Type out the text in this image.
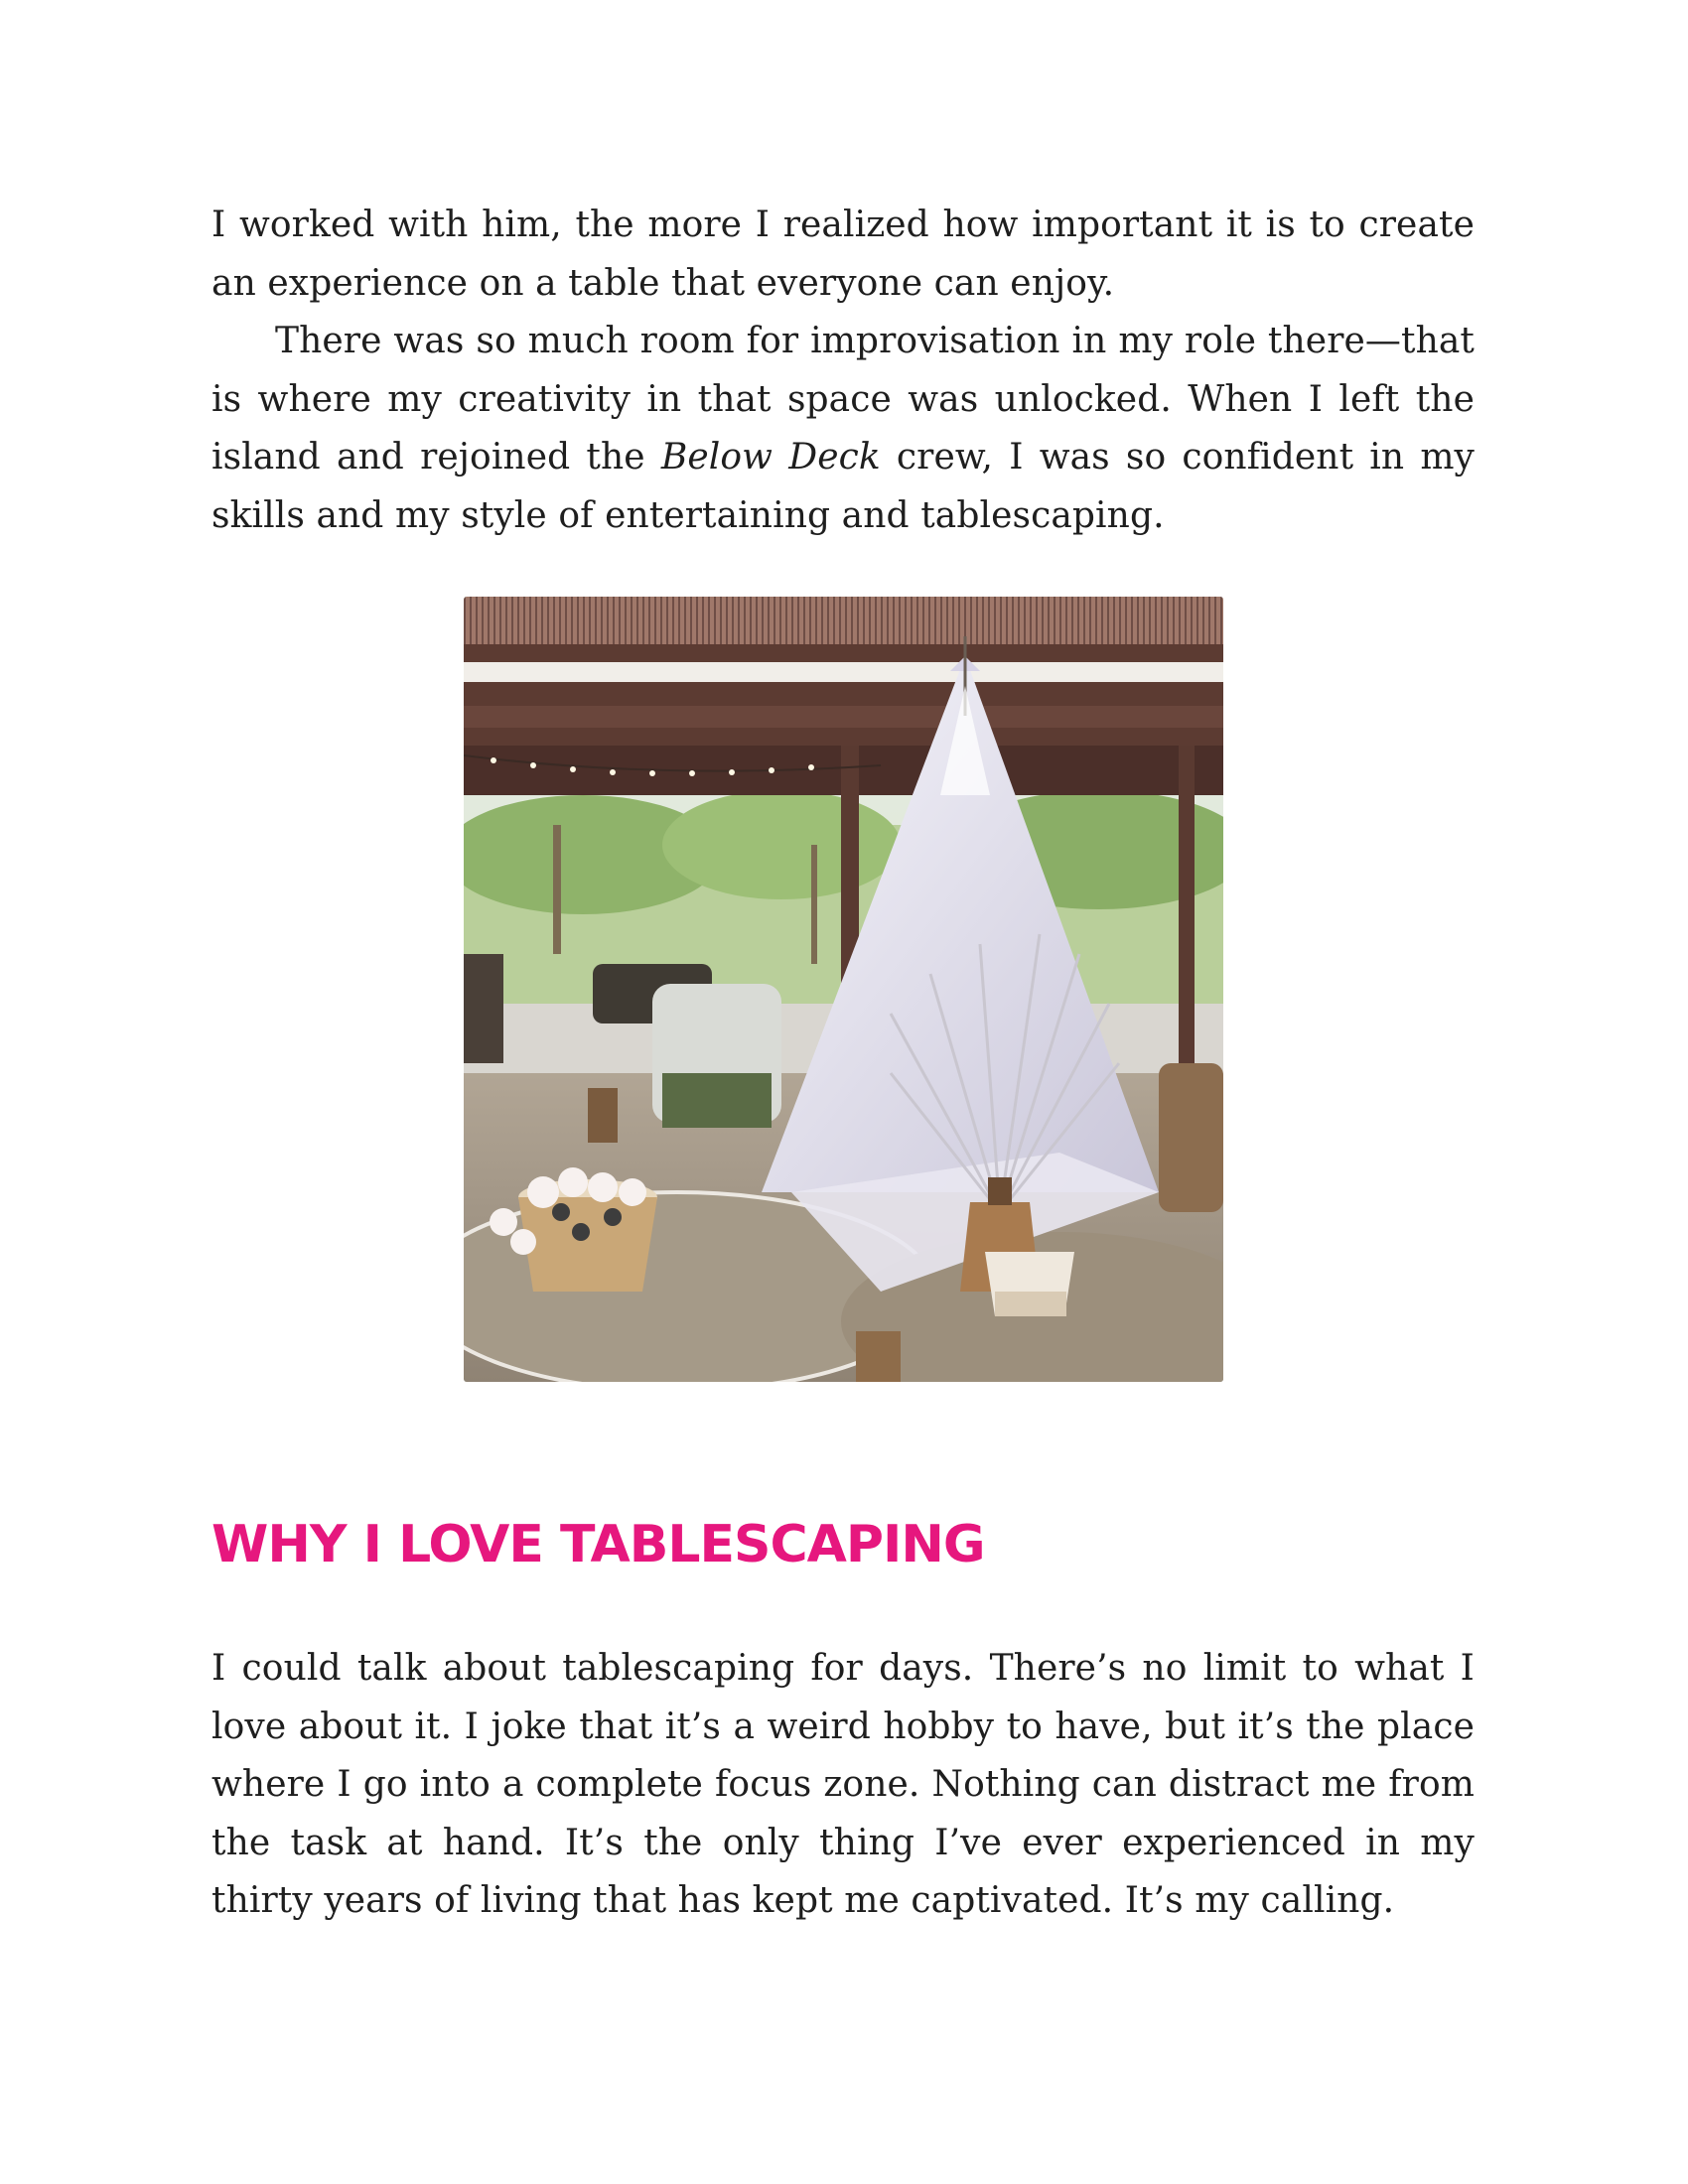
I worked with him, the more I realized how important it is to create an experience on a table that everyone can enjoy.

There was so much room for improvisation in my role there—that is where my creativity in that space was unlocked. When I left the island and rejoined the Below Deck crew, I was so confident in my skills and my style of entertaining and tablescaping.

WHY I LOVE TABLESCAPING

I could talk about tablescaping for days. There’s no limit to what I love about it. I joke that it’s a weird hobby to have, but it’s the place where I go into a complete focus zone. Nothing can distract me from the task at hand. It’s the only thing I’ve ever experienced in my thirty years of living that has kept me captivated. It’s my calling.
